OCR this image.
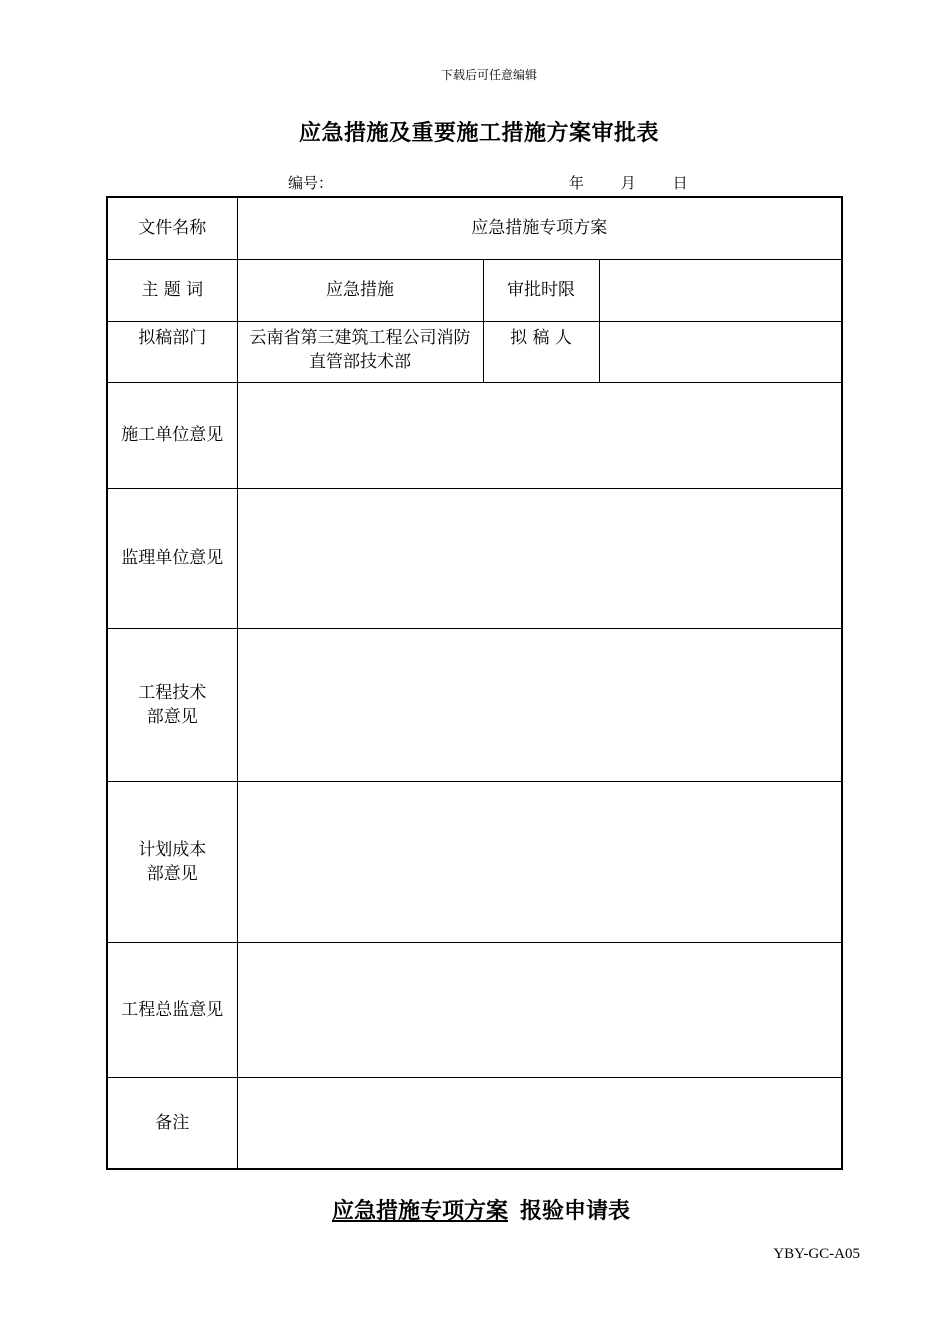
下载后可任意编辑
应急措施及重要施工措施方案审批表
编号：	年 月 日
文件名称	应急措施专项方案		
主 题 词	应急措施	审批时限	
拟稿部门	云南省第三建筑工程公司消防直管部技术部	拟 稿 人	
施工单位意见			
监理单位意见			
工程技术部意见			
计划成本部意见			
工程总监意见			
备注			
应急措施专项方案 报验申请表
YBY-GC-A05
